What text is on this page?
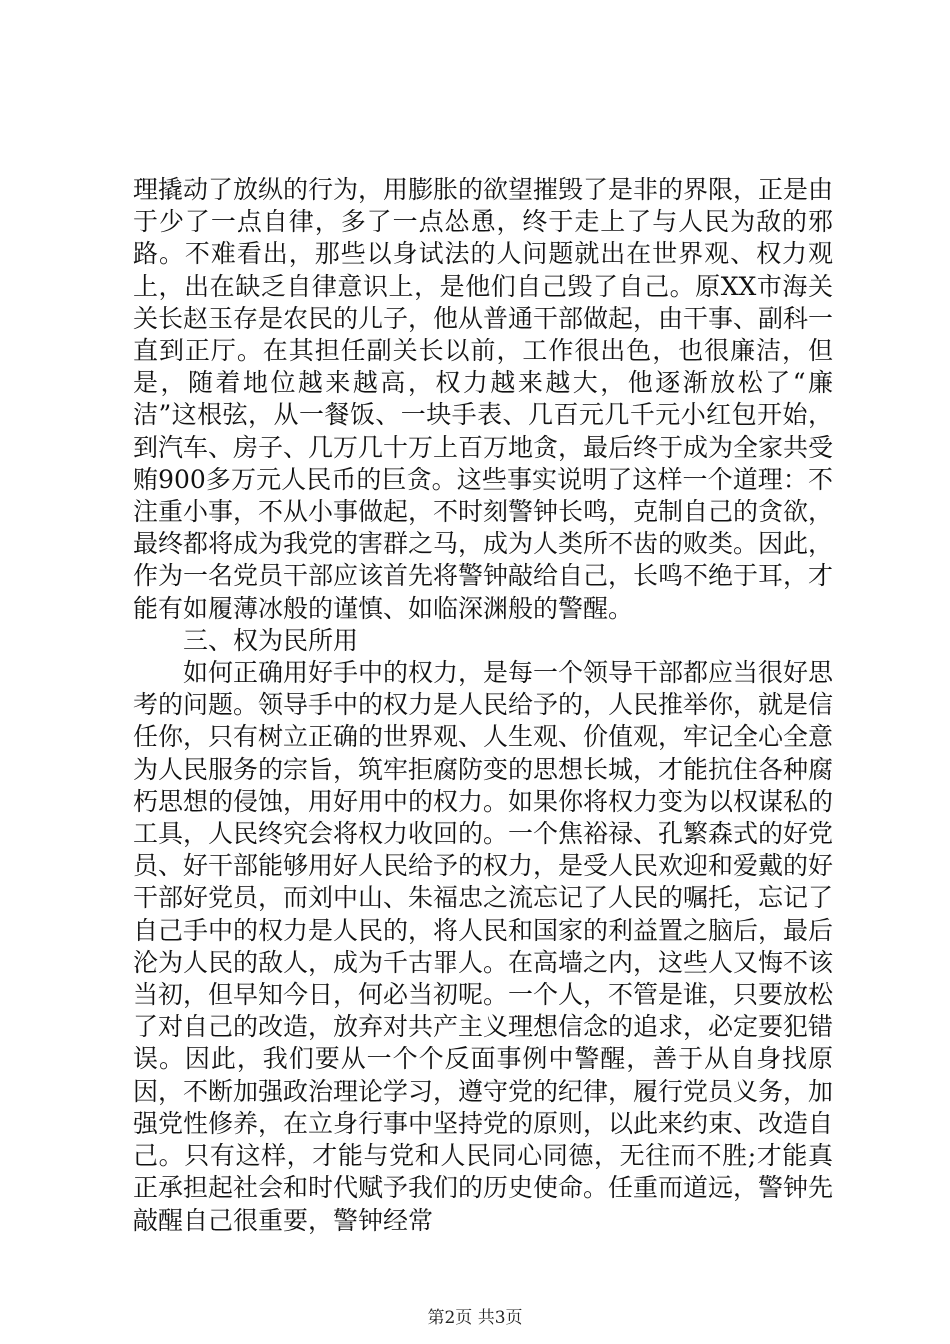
理撬动了放纵的行为，用膨胀的欲望摧毁了是非的界限，正是由于少了一点自律，多了一点怂恿，终于走上了与人民为敌的邪路。不难看出，那些以身试法的人问题就出在世界观、权力观上，出在缺乏自律意识上，是他们自己毁了自己。原XX市海关关长赵玉存是农民的儿子，他从普通干部做起，由干事、副科一直到正厅。在其担任副关长以前，工作很出色，也很廉洁，但是，随着地位越来越高，权力越来越大，他逐渐放松了“廉洁”这根弦，从一餐饭、一块手表、几百元几千元小红包开始，到汽车、房子、几万几十万上百万地贪，最后终于成为全家共受贿900多万元人民币的巨贪。这些事实说明了这样一个道理：不注重小事，不从小事做起，不时刻警钟长鸣，克制自己的贪欲，最终都将成为我党的害群之马，成为人类所不齿的败类。因此，作为一名党员干部应该首先将警钟敲给自己，长鸣不绝于耳，才能有如履薄冰般的谨慎、如临深渊般的警醒。

三、权为民所用

如何正确用好手中的权力，是每一个领导干部都应当很好思考的问题。领导手中的权力是人民给予的，人民推举你，就是信任你，只有树立正确的世界观、人生观、价值观，牢记全心全意为人民服务的宗旨，筑牢拒腐防变的思想长城，才能抗住各种腐朽思想的侵蚀，用好用中的权力。如果你将权力变为以权谋私的工具，人民终究会将权力收回的。一个焦裕禄、孔繁森式的好党员、好干部能够用好人民给予的权力，是受人民欢迎和爱戴的好干部好党员，而刘中山、朱福忠之流忘记了人民的嘱托，忘记了自己手中的权力是人民的，将人民和国家的利益置之脑后，最后沦为人民的敌人，成为千古罪人。在高墙之内，这些人又悔不该当初，但早知今日，何必当初呢。一个人，不管是谁，只要放松了对自己的改造，放弃对共产主义理想信念的追求，必定要犯错误。因此，我们要从一个个反面事例中警醒，善于从自身找原因，不断加强政治理论学习，遵守党的纪律，履行党员义务，加强党性修养，在立身行事中坚持党的原则，以此来约束、改造自己。只有这样，才能与党和人民同心同德，无往而不胜;才能真正承担起社会和时代赋予我们的历史使命。任重而道远，警钟先敲醒自己很重要，警钟经常

第2页 共3页
